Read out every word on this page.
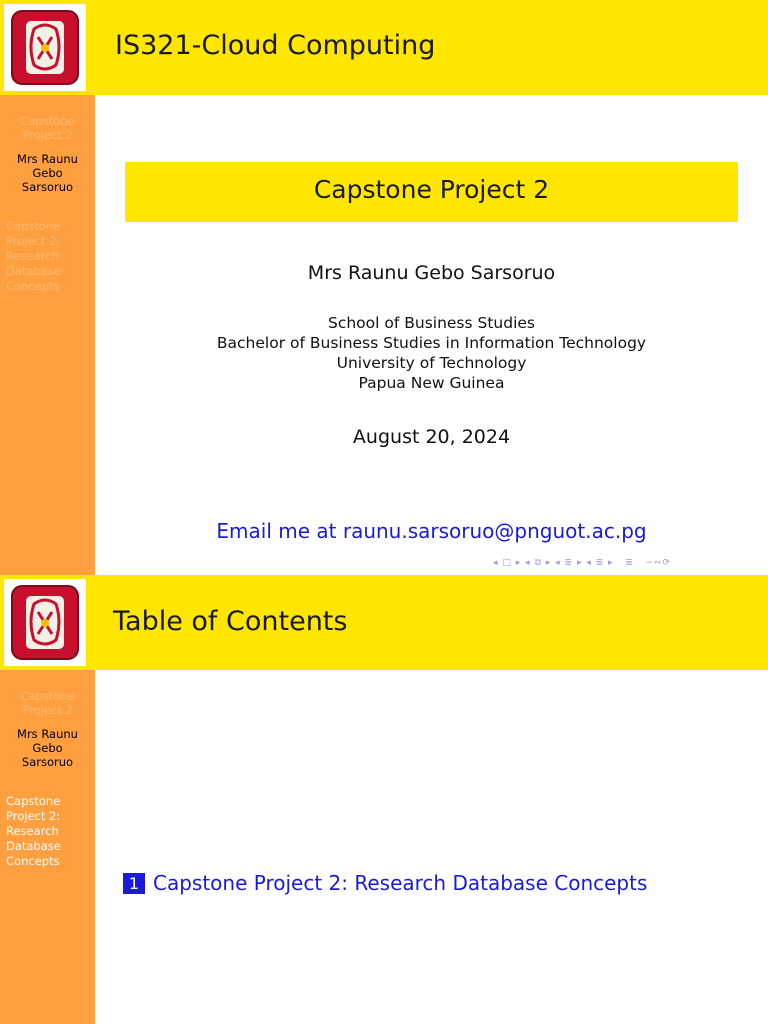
IS321-Cloud Computing
Capstone
Project 2
Mrs Raunu
Gebo
Sarsoruo
Capstone
Project 2:
Research
Database
Concepts
Capstone Project 2
Mrs Raunu Gebo Sarsoruo
School of Business Studies
Bachelor of Business Studies in Information Technology
University of Technology
Papua New Guinea
August 20, 2024
Email me at raunu.sarsoruo@pnguot.ac.pg
◂ □ ▸ ◂ ⧉ ▸ ◂ ≣ ▸ ◂ ≣ ▸   ≣   ∽∾⟳
Table of Contents
Capstone
Project 2
Mrs Raunu
Gebo
Sarsoruo
Capstone
Project 2:
Research
Database
Concepts
1 Capstone Project 2: Research Database Concepts
